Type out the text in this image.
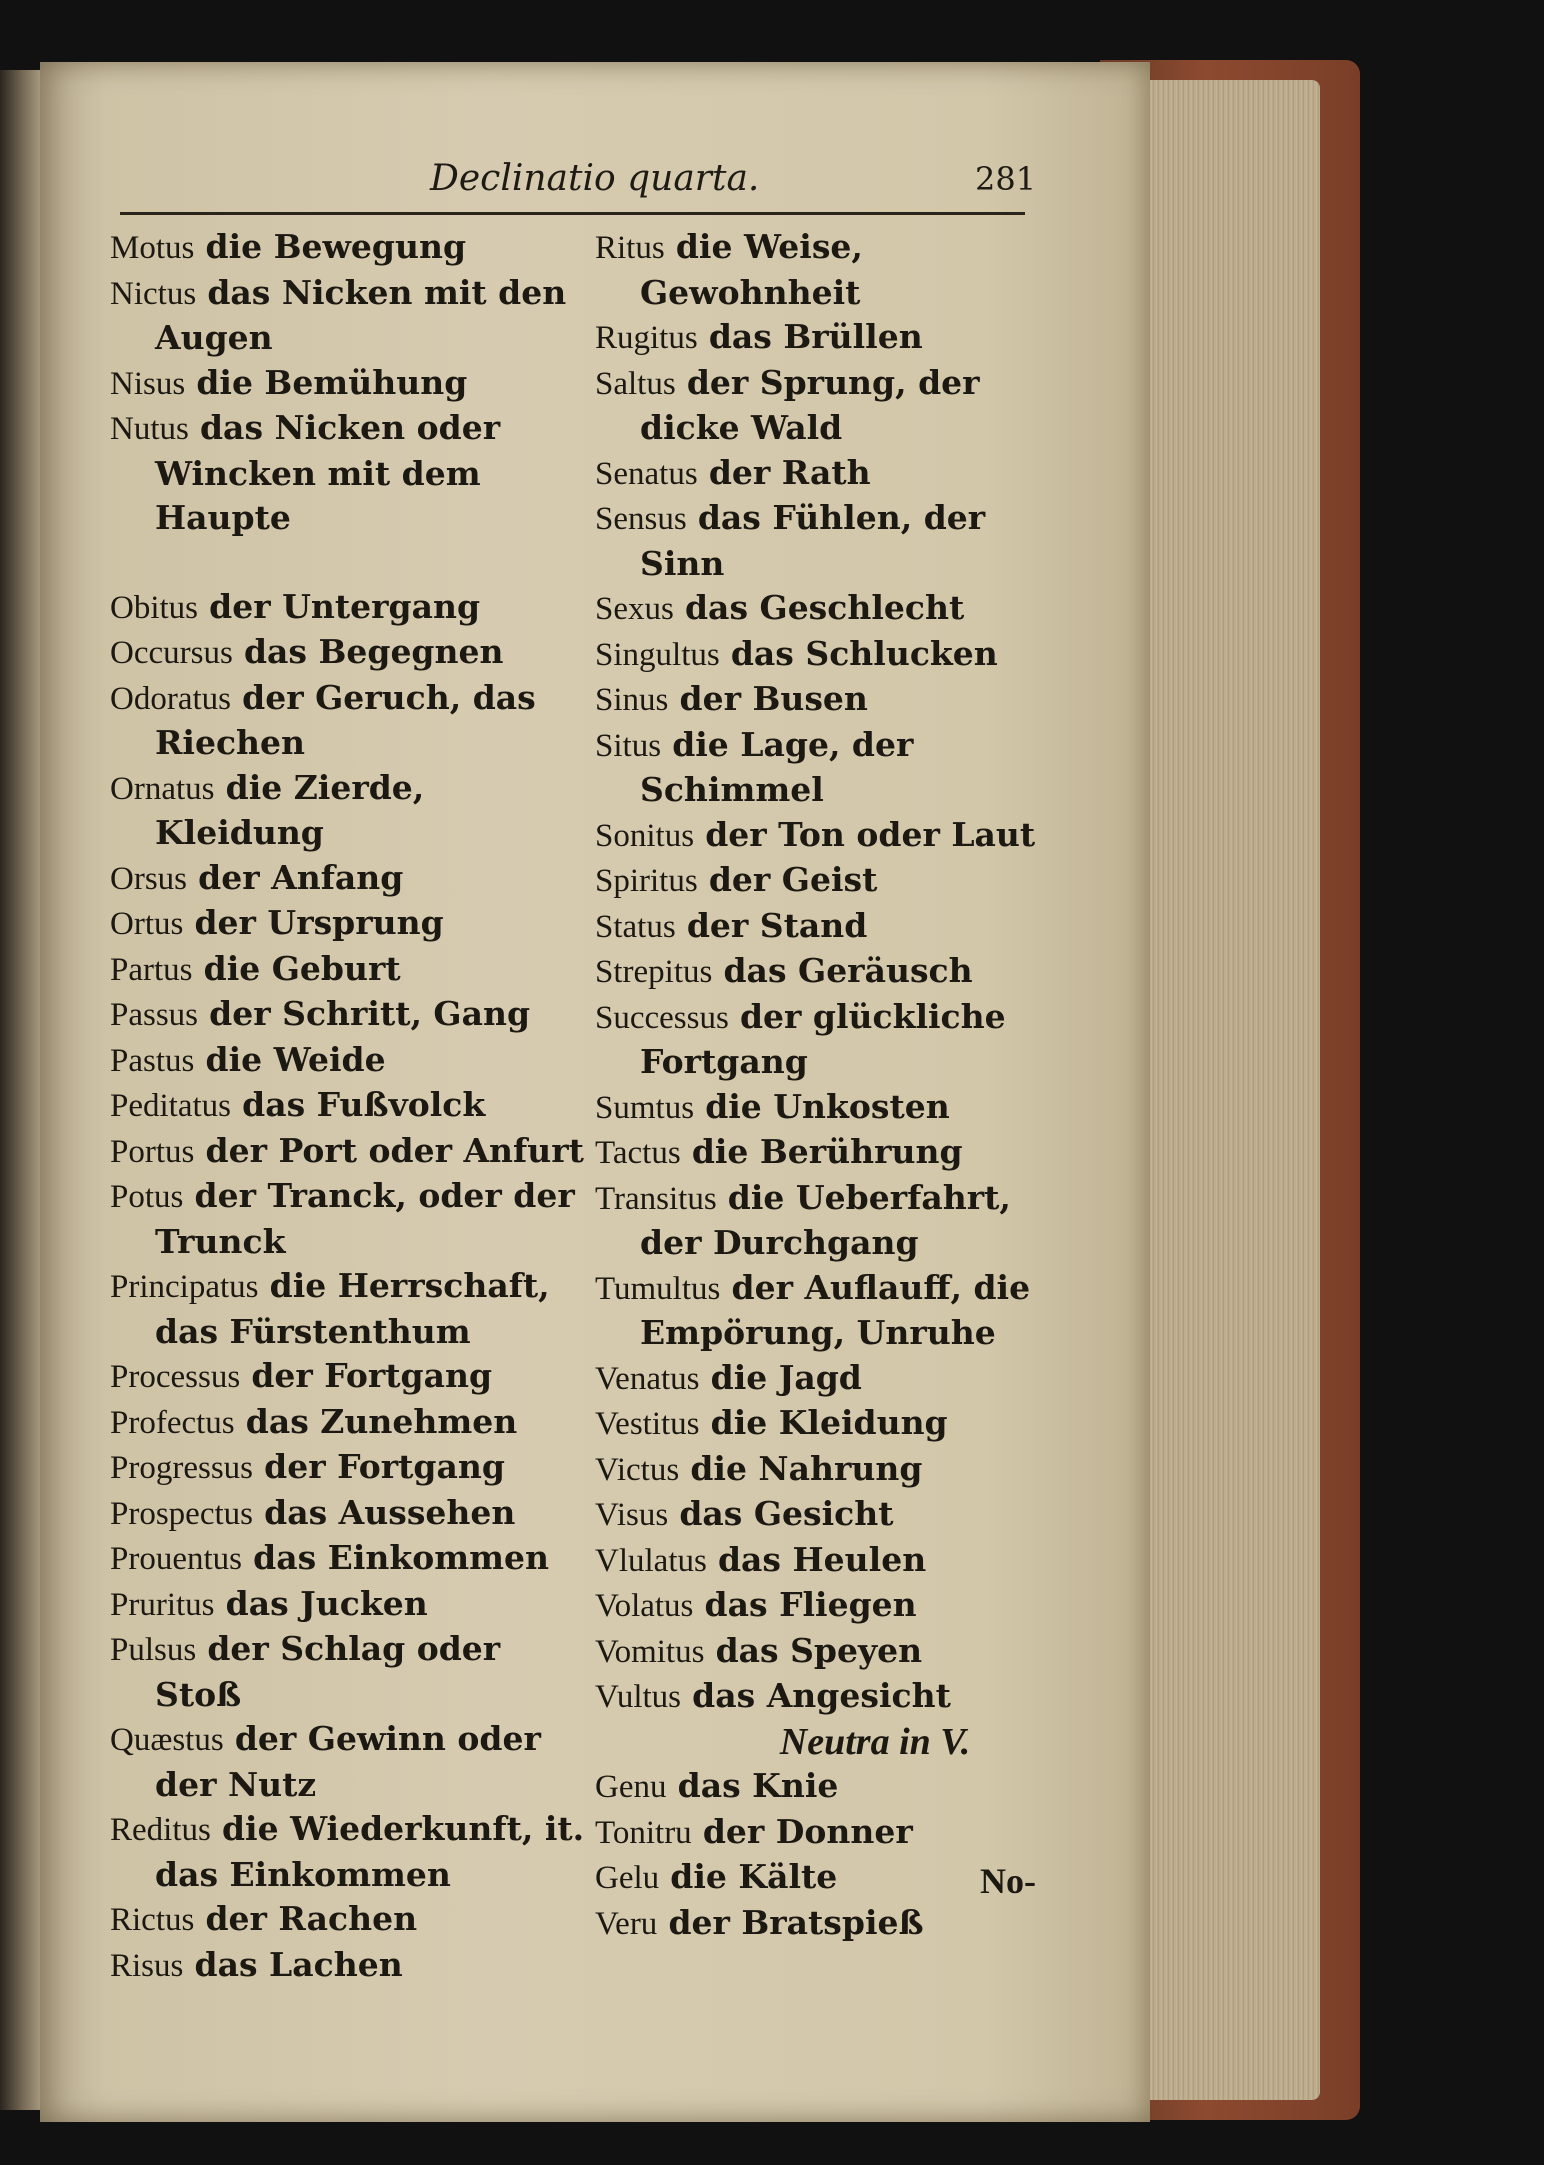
Declinatio quarta.	281

Motus die Bewegung

Nictus das Nicken mit den Augen

Nisus die Bemühung

Nutus das Nicken oder Wincken mit dem Haupte

Obitus der Untergang

Occursus das Begegnen

Odoratus der Geruch, das Riechen

Ornatus die Zierde, Kleidung

Orsus der Anfang

Ortus der Ursprung

Partus die Geburt

Passus der Schritt, Gang

Pastus die Weide

Peditatus das Fußvolck

Portus der Port oder Anfurt

Potus der Tranck, oder der Trunck

Principatus die Herrschaft, das Fürstenthum

Processus der Fortgang

Profectus das Zunehmen

Progressus der Fortgang

Prospectus das Aussehen

Prouentus das Einkommen

Pruritus das Jucken

Pulsus der Schlag oder Stoß

Quæstus der Gewinn oder der Nutz

Reditus die Wiederkunft, it. das Einkommen

Rictus der Rachen

Risus das Lachen

Ritus die Weise, Gewohnheit

Rugitus das Brüllen

Saltus der Sprung, der dicke Wald

Senatus der Rath

Sensus das Fühlen, der Sinn

Sexus das Geschlecht

Singultus das Schlucken

Sinus der Busen

Situs die Lage, der Schimmel

Sonitus der Ton oder Laut

Spiritus der Geist

Status der Stand

Strepitus das Geräusch

Successus der glückliche Fortgang

Sumtus die Unkosten

Tactus die Berührung

Transitus die Ueberfahrt, der Durchgang

Tumultus der Auflauff, die Empörung, Unruhe

Venatus die Jagd

Vestitus die Kleidung

Victus die Nahrung

Visus das Gesicht

Vlulatus das Heulen

Volatus das Fliegen

Vomitus das Speyen

Vultus das Angesicht

Neutra in V.

Genu das Knie

Tonitru der Donner

Gelu die Kälte

Veru der Bratspieß

No-
